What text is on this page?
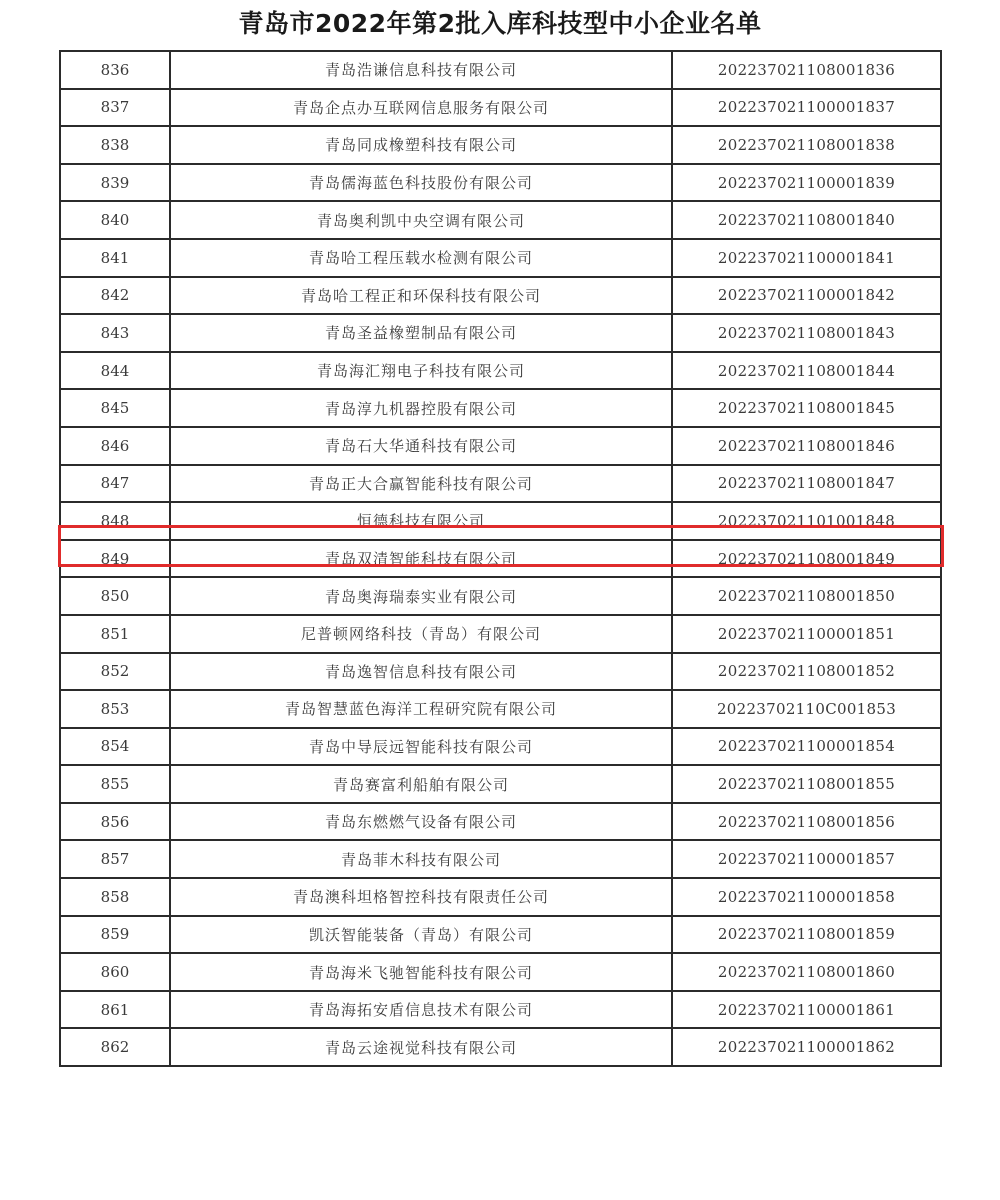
青岛市2022年第2批入库科技型中小企业名单
836	青岛浩谦信息科技有限公司	202237021108001836
837	青岛企点办互联网信息服务有限公司	202237021100001837
838	青岛同成橡塑科技有限公司	202237021108001838
839	青岛儒海蓝色科技股份有限公司	202237021100001839
840	青岛奥利凯中央空调有限公司	202237021108001840
841	青岛哈工程压载水检测有限公司	202237021100001841
842	青岛哈工程正和环保科技有限公司	202237021100001842
843	青岛圣益橡塑制品有限公司	202237021108001843
844	青岛海汇翔电子科技有限公司	202237021108001844
845	青岛淳九机器控股有限公司	202237021108001845
846	青岛石大华通科技有限公司	202237021108001846
847	青岛正大合赢智能科技有限公司	202237021108001847
848	恒德科技有限公司	202237021101001848
849	青岛双清智能科技有限公司	202237021108001849
850	青岛奥海瑞泰实业有限公司	202237021108001850
851	尼普顿网络科技（青岛）有限公司	202237021100001851
852	青岛逸智信息科技有限公司	202237021108001852
853	青岛智慧蓝色海洋工程研究院有限公司	20223702110C001853
854	青岛中导辰远智能科技有限公司	202237021100001854
855	青岛赛富利船舶有限公司	202237021108001855
856	青岛东燃燃气设备有限公司	202237021108001856
857	青岛菲木科技有限公司	202237021100001857
858	青岛澳科坦格智控科技有限责任公司	202237021100001858
859	凯沃智能装备（青岛）有限公司	202237021108001859
860	青岛海米飞驰智能科技有限公司	202237021108001860
861	青岛海拓安盾信息技术有限公司	202237021100001861
862	青岛云途视觉科技有限公司	202237021100001862
